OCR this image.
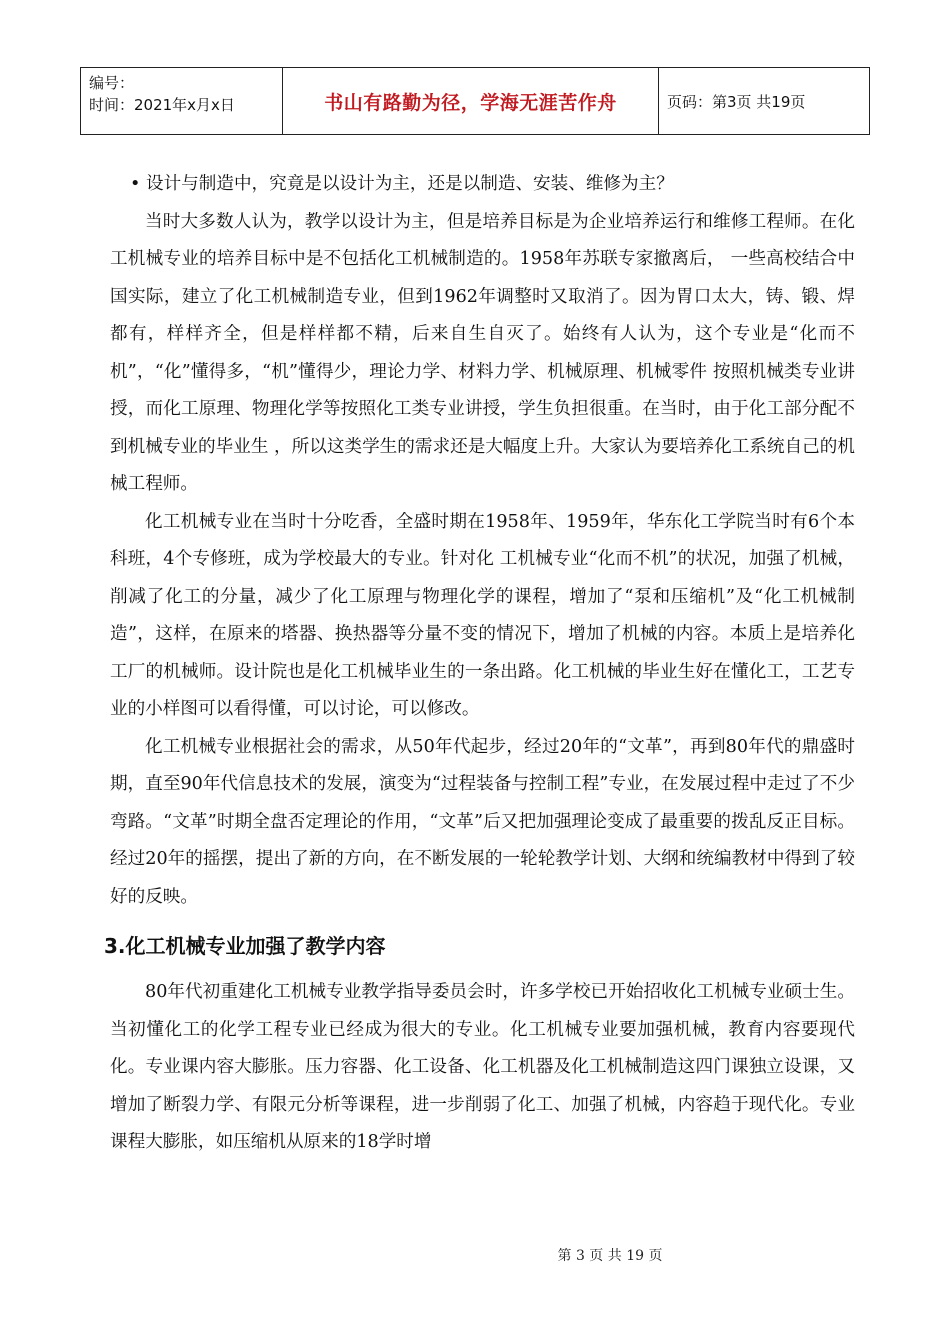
编号：
时间：2021年x月x日	书山有路勤为径，学海无涯苦作舟	页码：第3页 共19页

• 设计与制造中，究竟是以设计为主，还是以制造、安装、维修为主？

当时大多数人认为，教学以设计为主，但是培养目标是为企业培养运行和维修工程师。在化工机械专业的培养目标中是不包括化工机械制造的。1958年苏联专家撤离后， 一些高校结合中国实际，建立了化工机械制造专业，但到1962年调整时又取消了。因为胃口太大，铸、锻、焊都有，样样齐全，但是样样都不精，后来自生自灭了。始终有人认为，这个专业是“化而不机”，“化”懂得多，“机”懂得少，理论力学、材料力学、机械原理、机械零件 按照机械类专业讲授，而化工原理、物理化学等按照化工类专业讲授，学生负担很重。在当时，由于化工部分配不到机械专业的毕业生 ，所以这类学生的需求还是大幅度上升。大家认为要培养化工系统自己的机械工程师。

化工机械专业在当时十分吃香，全盛时期在1958年、1959年，华东化工学院当时有6个本科班，4个专修班，成为学校最大的专业。针对化 工机械专业“化而不机”的状况，加强了机械，削减了化工的分量，减少了化工原理与物理化学的课程，增加了“泵和压缩机”及“化工机械制造”，这样，在原来的塔器、换热器等分量不变的情况下，增加了机械的内容。本质上是培养化工厂的机械师。设计院也是化工机械毕业生的一条出路。化工机械的毕业生好在懂化工，工艺专业的小样图可以看得懂，可以讨论，可以修改。

化工机械专业根据社会的需求，从50年代起步，经过20年的“文革”，再到80年代的鼎盛时期，直至90年代信息技术的发展，演变为“过程装备与控制工程”专业，在发展过程中走过了不少弯路。“文革”时期全盘否定理论的作用，“文革”后又把加强理论变成了最重要的拨乱反正目标。经过20年的摇摆，提出了新的方向，在不断发展的一轮轮教学计划、大纲和统编教材中得到了较好的反映。

3.化工机械专业加强了教学内容

80年代初重建化工机械专业教学指导委员会时，许多学校已开始招收化工机械专业硕士生。当初懂化工的化学工程专业已经成为很大的专业。化工机械专业要加强机械，教育内容要现代化。专业课内容大膨胀。压力容器、化工设备、化工机器及化工机械制造这四门课独立设课，又增加了断裂力学、有限元分析等课程，进一步削弱了化工、加强了机械，内容趋于现代化。专业课程大膨胀，如压缩机从原来的18学时增

第 3 页 共 19 页
